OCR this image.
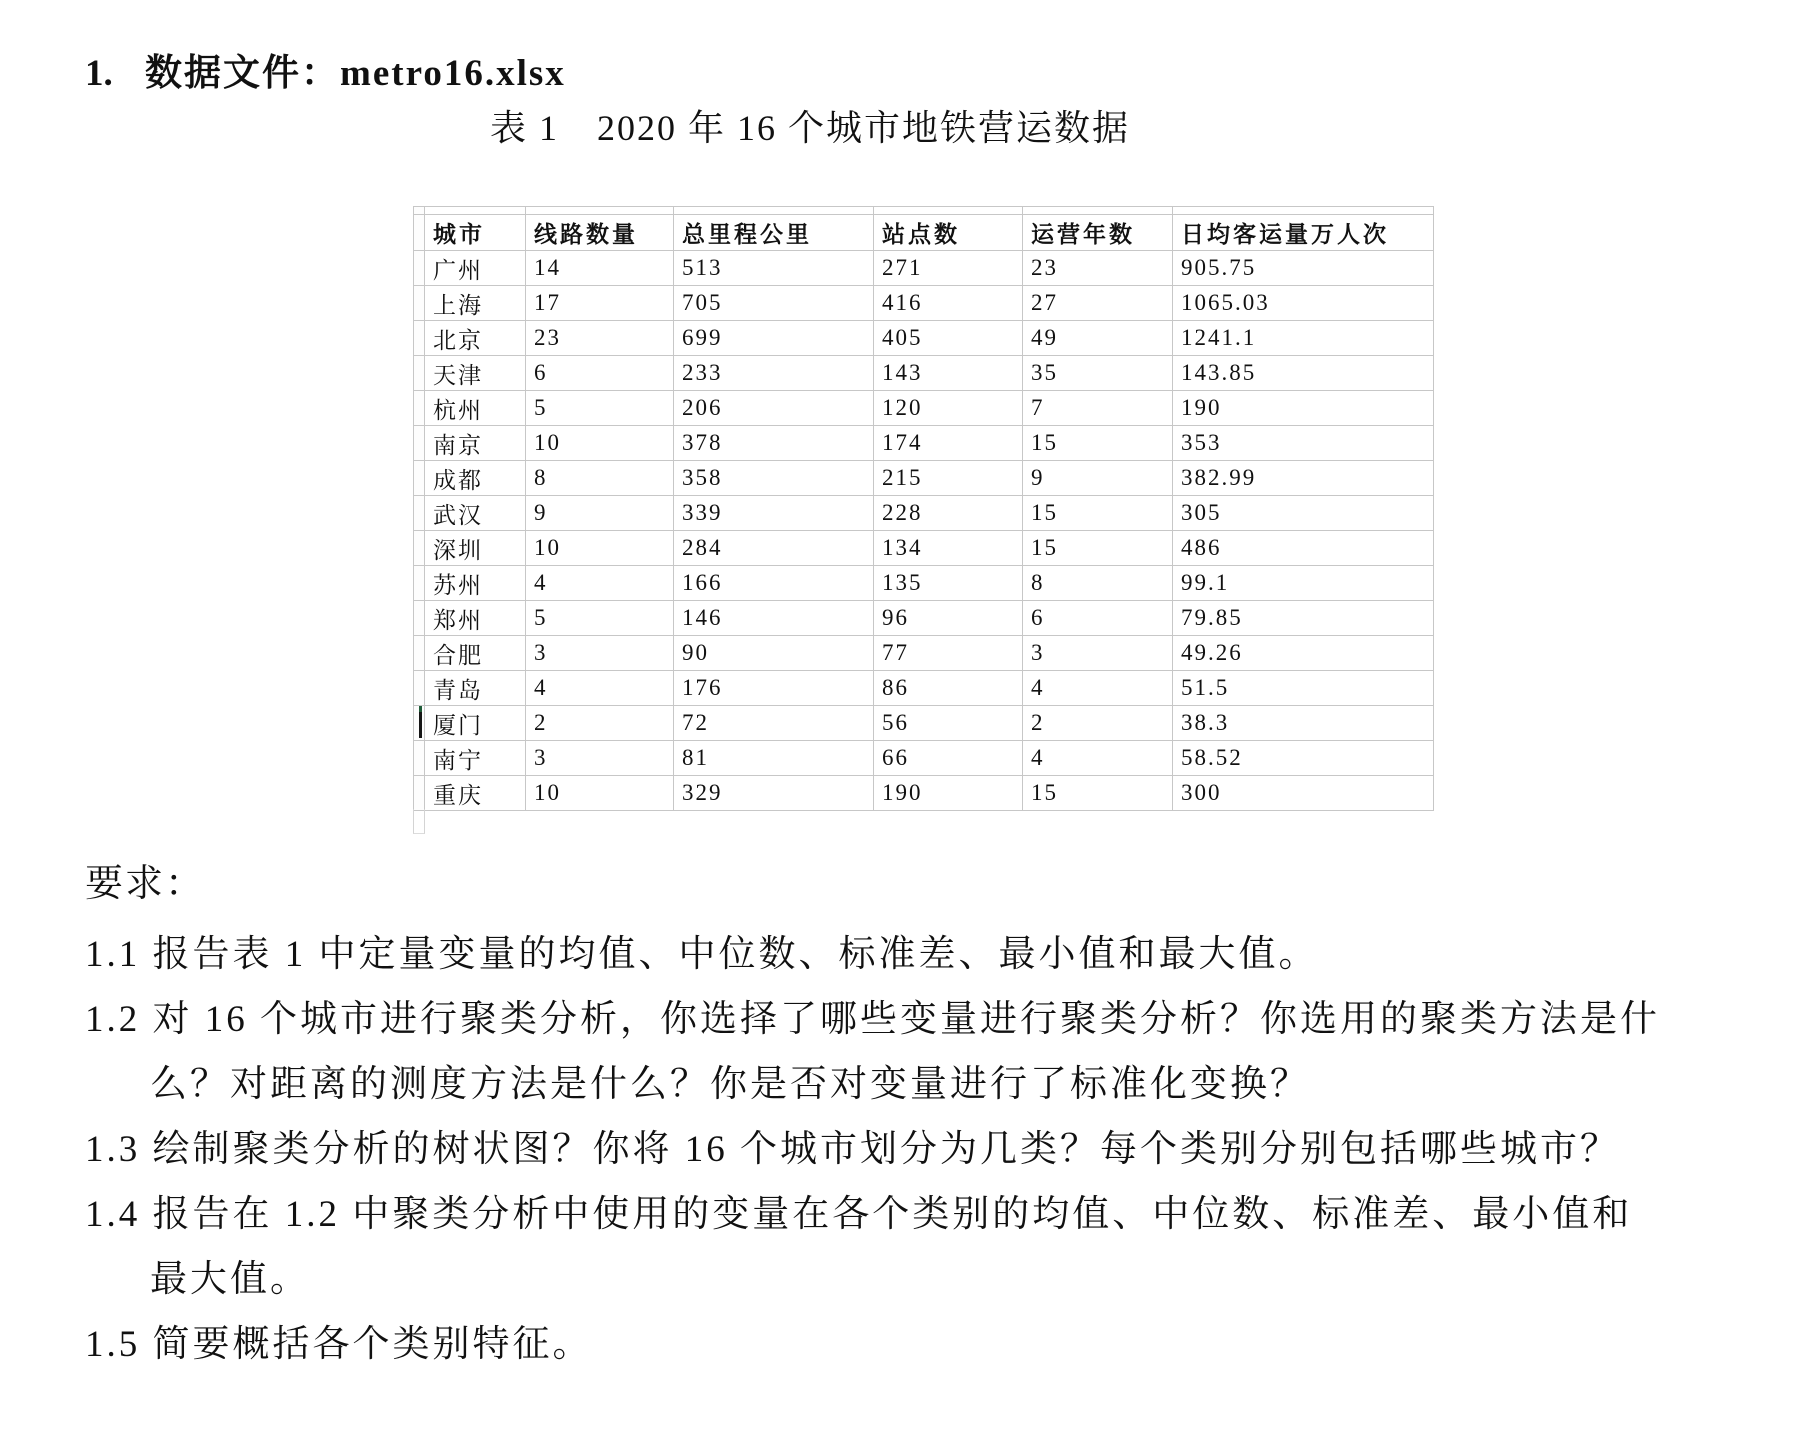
1. 数据文件：metro16.xlsx
表 1　2020 年 16 个城市地铁营运数据

	城市	线路数量	总里程公里	站点数	运营年数	日均客运量万人次
	广州	14	513	271	23	905.75
	上海	17	705	416	27	1065.03
	北京	23	699	405	49	1241.1
	天津	6	233	143	35	143.85
	杭州	5	206	120	7	190
	南京	10	378	174	15	353
	成都	8	358	215	9	382.99
	武汉	9	339	228	15	305
	深圳	10	284	134	15	486
	苏州	4	166	135	8	99.1
	郑州	5	146	96	6	79.85
	合肥	3	90	77	3	49.26
	青岛	4	176	86	4	51.5
	厦门	2	72	56	2	38.3
	南宁	3	81	66	4	58.52
	重庆	10	329	190	15	300
要求：
1.1 报告表 1 中定量变量的均值、中位数、标准差、最小值和最大值。
1.2 对 16 个城市进行聚类分析，你选择了哪些变量进行聚类分析？你选用的聚类方法是什
么？对距离的测度方法是什么？你是否对变量进行了标准化变换？
1.3 绘制聚类分析的树状图？你将 16 个城市划分为几类？每个类别分别包括哪些城市？
1.4 报告在 1.2 中聚类分析中使用的变量在各个类别的均值、中位数、标准差、最小值和
最大值。
1.5 简要概括各个类别特征。
